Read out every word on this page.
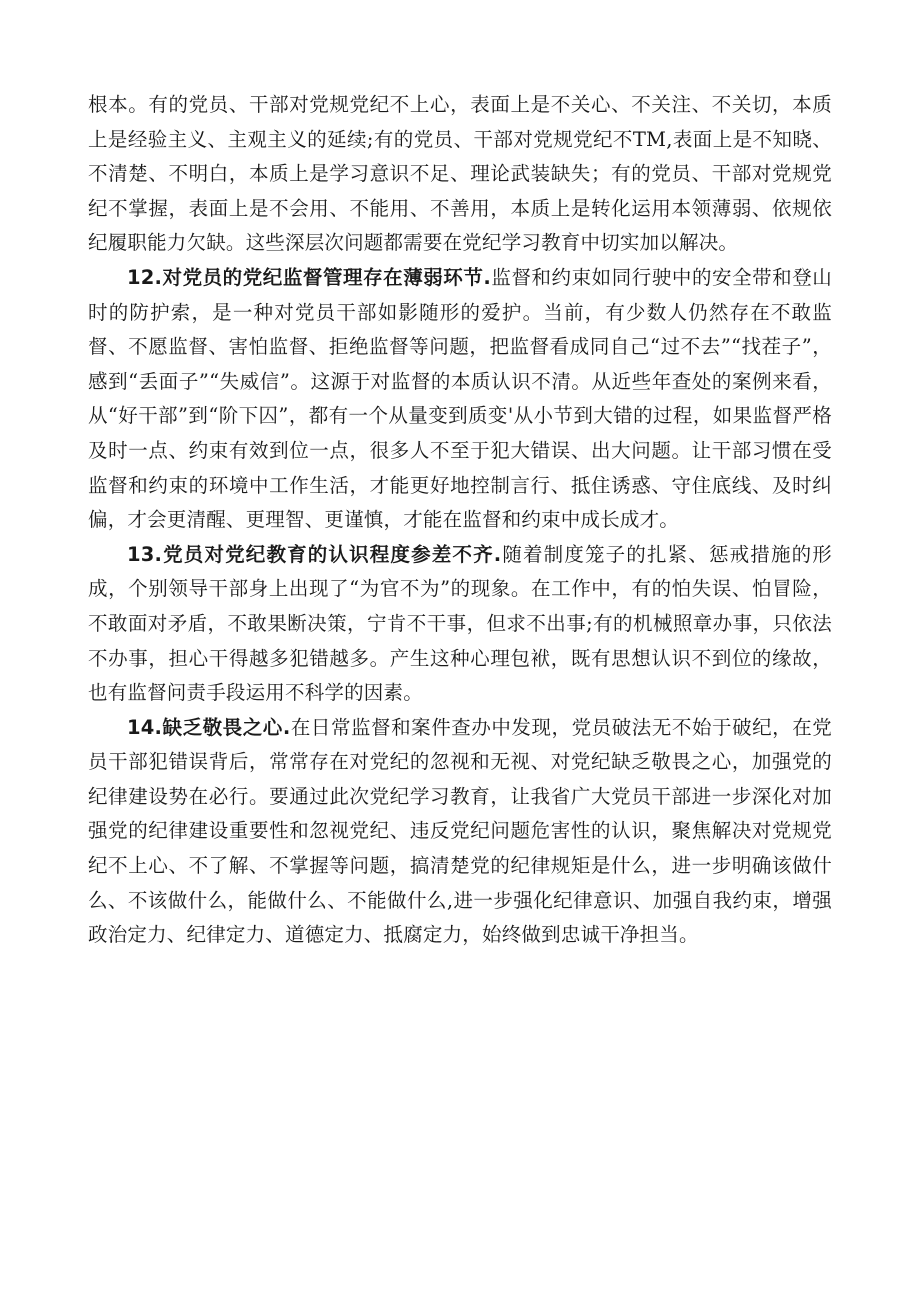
根本。有的党员、干部对党规党纪不上心，表面上是不关心、不关注、不关切，本质上是经验主义、主观主义的延续;有的党员、干部对党规党纪不TM,表面上是不知晓、不清楚、不明白，本质上是学习意识不足、理论武装缺失；有的党员、干部对党规党纪不掌握，表面上是不会用、不能用、不善用，本质上是转化运用本领薄弱、依规依纪履职能力欠缺。这些深层次问题都需要在党纪学习教育中切实加以解决。

12.对党员的党纪监督管理存在薄弱环节.监督和约束如同行驶中的安全带和登山时的防护索，是一种对党员干部如影随形的爱护。当前，有少数人仍然存在不敢监督、不愿监督、害怕监督、拒绝监督等问题，把监督看成同自己“过不去”“找茬子”，感到“丢面子”“失威信”。这源于对监督的本质认识不清。从近些年查处的案例来看，从“好干部”到“阶下囚”，都有一个从量变到质变'从小节到大错的过程，如果监督严格及时一点、约束有效到位一点，很多人不至于犯大错误、出大问题。让干部习惯在受监督和约束的环境中工作生活，才能更好地控制言行、抵住诱惑、守住底线、及时纠偏，才会更清醒、更理智、更谨慎，才能在监督和约束中成长成才。

13.党员对党纪教育的认识程度参差不齐.随着制度笼子的扎紧、惩戒措施的形成，个别领导干部身上出现了“为官不为”的现象。在工作中，有的怕失误、怕冒险，不敢面对矛盾，不敢果断决策，宁肯不干事，但求不出事;有的机械照章办事，只依法不办事，担心干得越多犯错越多。产生这种心理包袱，既有思想认识不到位的缘故，也有监督问责手段运用不科学的因素。

14.缺乏敬畏之心.在日常监督和案件查办中发现，党员破法无不始于破纪，在党员干部犯错误背后，常常存在对党纪的忽视和无视、对党纪缺乏敬畏之心，加强党的纪律建设势在必行。要通过此次党纪学习教育，让我省广大党员干部进一步深化对加强党的纪律建设重要性和忽视党纪、违反党纪问题危害性的认识，聚焦解决对党规党纪不上心、不了解、不掌握等问题，搞清楚党的纪律规矩是什么，进一步明确该做什么、不该做什么，能做什么、不能做什么,进一步强化纪律意识、加强自我约束，增强政治定力、纪律定力、道德定力、抵腐定力，始终做到忠诚干净担当。
